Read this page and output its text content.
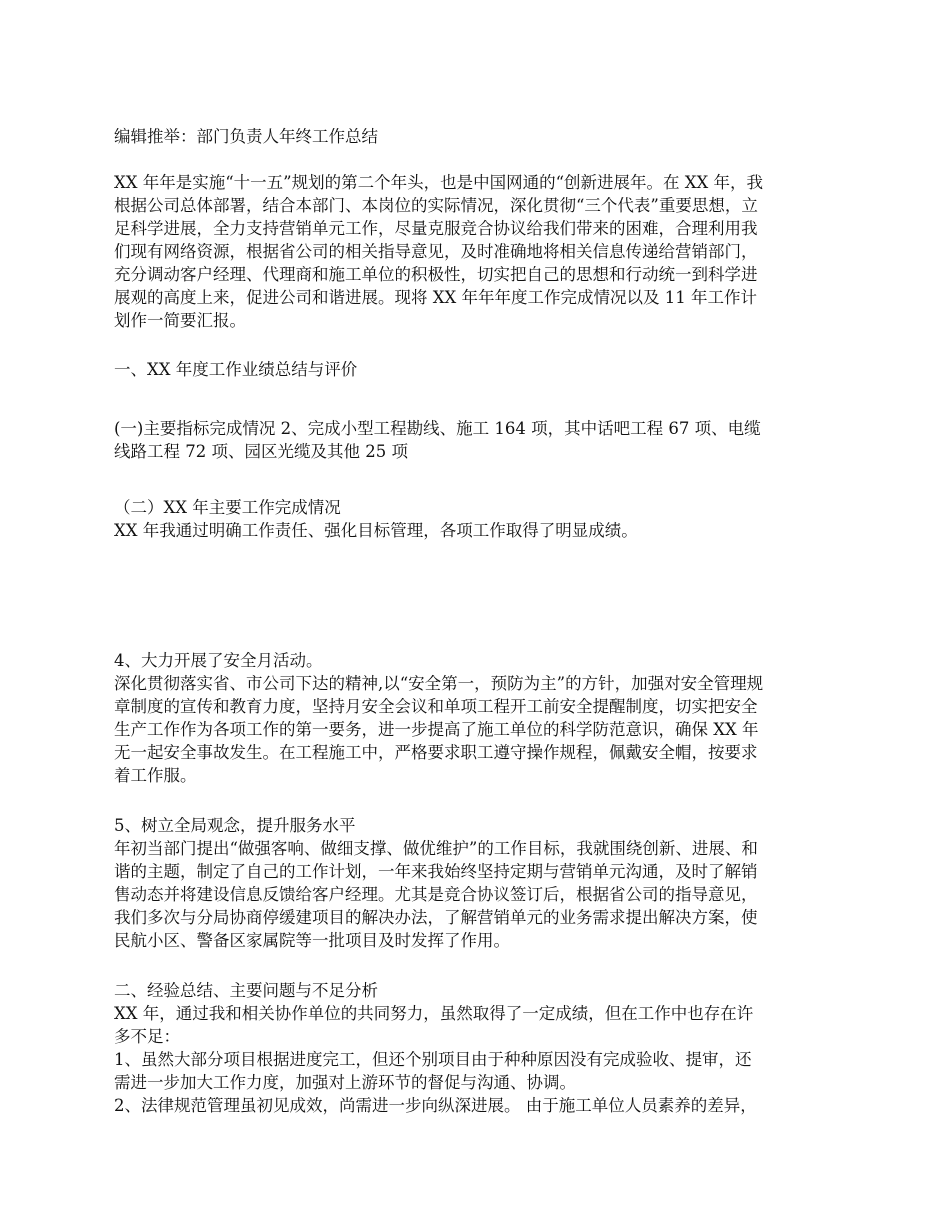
编辑推举：部门负责人年终工作总结
XX 年年是实施“十一五”规划的第二个年头，也是中国网通的“创新进展年。在 XX 年，我
根据公司总体部署，结合本部门、本岗位的实际情况，深化贯彻“三个代表”重要思想，立
足科学进展，全力支持营销单元工作，尽量克服竞合协议给我们带来的困难，合理利用我
们现有网络资源，根据省公司的相关指导意见，及时准确地将相关信息传递给营销部门，
充分调动客户经理、代理商和施工单位的积极性，切实把自己的思想和行动统一到科学进
展观的高度上来，促进公司和谐进展。现将 XX 年年年度工作完成情况以及 11 年工作计
划作一简要汇报。
一、XX 年度工作业绩总结与评价
(一)主要指标完成情况 2、完成小型工程勘线、施工 164 项，其中话吧工程 67 项、电缆
线路工程 72 项、园区光缆及其他 25 项
（二）XX 年主要工作完成情况
XX 年我通过明确工作责任、强化目标管理，各项工作取得了明显成绩。
4、大力开展了安全月活动。
深化贯彻落实省、市公司下达的精神,以“安全第一，预防为主”的方针，加强对安全管理规
章制度的宣传和教育力度，坚持月安全会议和单项工程开工前安全提醒制度，切实把安全
生产工作作为各项工作的第一要务，进一步提高了施工单位的科学防范意识，确保 XX 年
无一起安全事故发生。在工程施工中，严格要求职工遵守操作规程，佩戴安全帽，按要求
着工作服。
5、树立全局观念，提升服务水平
年初当部门提出“做强客响、做细支撑、做优维护”的工作目标，我就围绕创新、进展、和
谐的主题，制定了自己的工作计划，一年来我始终坚持定期与营销单元沟通，及时了解销
售动态并将建设信息反馈给客户经理。尤其是竞合协议签订后，根据省公司的指导意见，
我们多次与分局协商停缓建项目的解决办法，了解营销单元的业务需求提出解决方案，使
民航小区、警备区家属院等一批项目及时发挥了作用。
二、经验总结、主要问题与不足分析
XX 年，通过我和相关协作单位的共同努力，虽然取得了一定成绩，但在工作中也存在许
多不足：
1、虽然大部分项目根据进度完工，但还个别项目由于种种原因没有完成验收、提审，还
需进一步加大工作力度，加强对上游环节的督促与沟通、协调。
2、法律规范管理虽初见成效，尚需进一步向纵深进展。 由于施工单位人员素养的差异，
